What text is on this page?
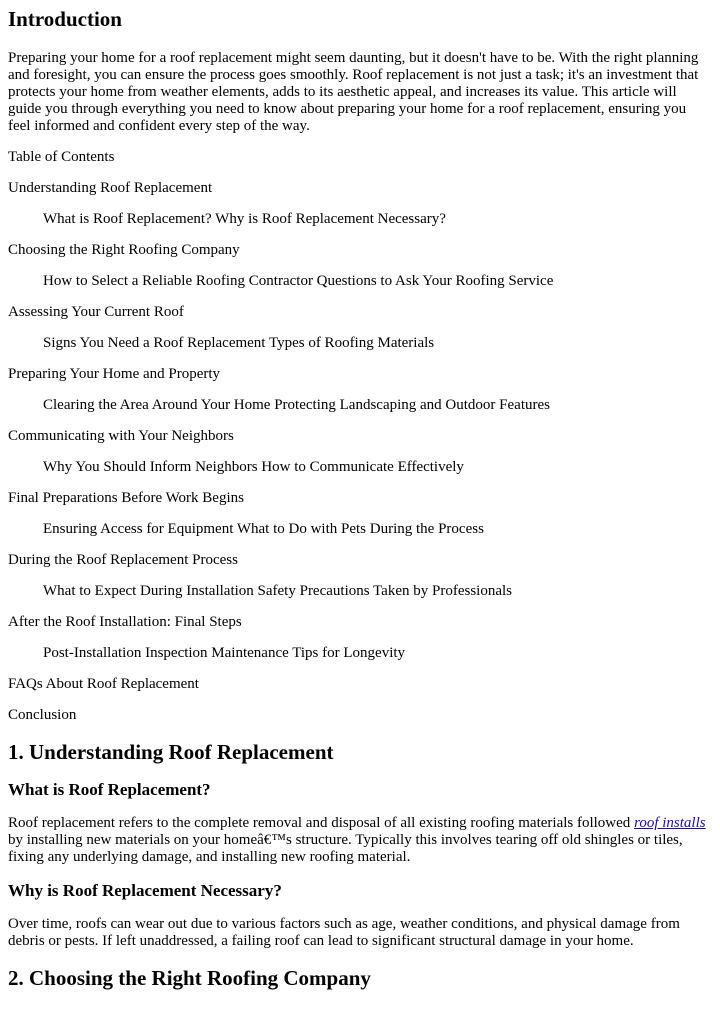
Introduction

Preparing your home for a roof replacement might seem daunting, but it doesn't have to be. With the right planning and foresight, you can ensure the process goes smoothly. Roof replacement is not just a task; it's an investment that protects your home from weather elements, adds to its aesthetic appeal, and increases its value. This article will guide you through everything you need to know about preparing your home for a roof replacement, ensuring you feel informed and confident every step of the way.

Table of Contents

Understanding Roof Replacement
What is Roof Replacement? Why is Roof Replacement Necessary?
Choosing the Right Roofing Company
How to Select a Reliable Roofing Contractor Questions to Ask Your Roofing Service
Assessing Your Current Roof
Signs You Need a Roof Replacement Types of Roofing Materials
Preparing Your Home and Property
Clearing the Area Around Your Home Protecting Landscaping and Outdoor Features
Communicating with Your Neighbors
Why You Should Inform Neighbors How to Communicate Effectively
Final Preparations Before Work Begins
Ensuring Access for Equipment What to Do with Pets During the Process
During the Roof Replacement Process
What to Expect During Installation Safety Precautions Taken by Professionals
After the Roof Installation: Final Steps
Post-Installation Inspection Maintenance Tips for Longevity
FAQs About Roof Replacement
Conclusion
1. Understanding Roof Replacement
What is Roof Replacement?

Roof replacement refers to the complete removal and disposal of all existing roofing materials followed roof installs by installing new materials on your homeâ€™s structure. Typically this involves tearing off old shingles or tiles, fixing any underlying damage, and installing new roofing material.

Why is Roof Replacement Necessary?

Over time, roofs can wear out due to various factors such as age, weather conditions, and physical damage from debris or pests. If left unaddressed, a failing roof can lead to significant structural damage in your home.

2. Choosing the Right Roofing Company
